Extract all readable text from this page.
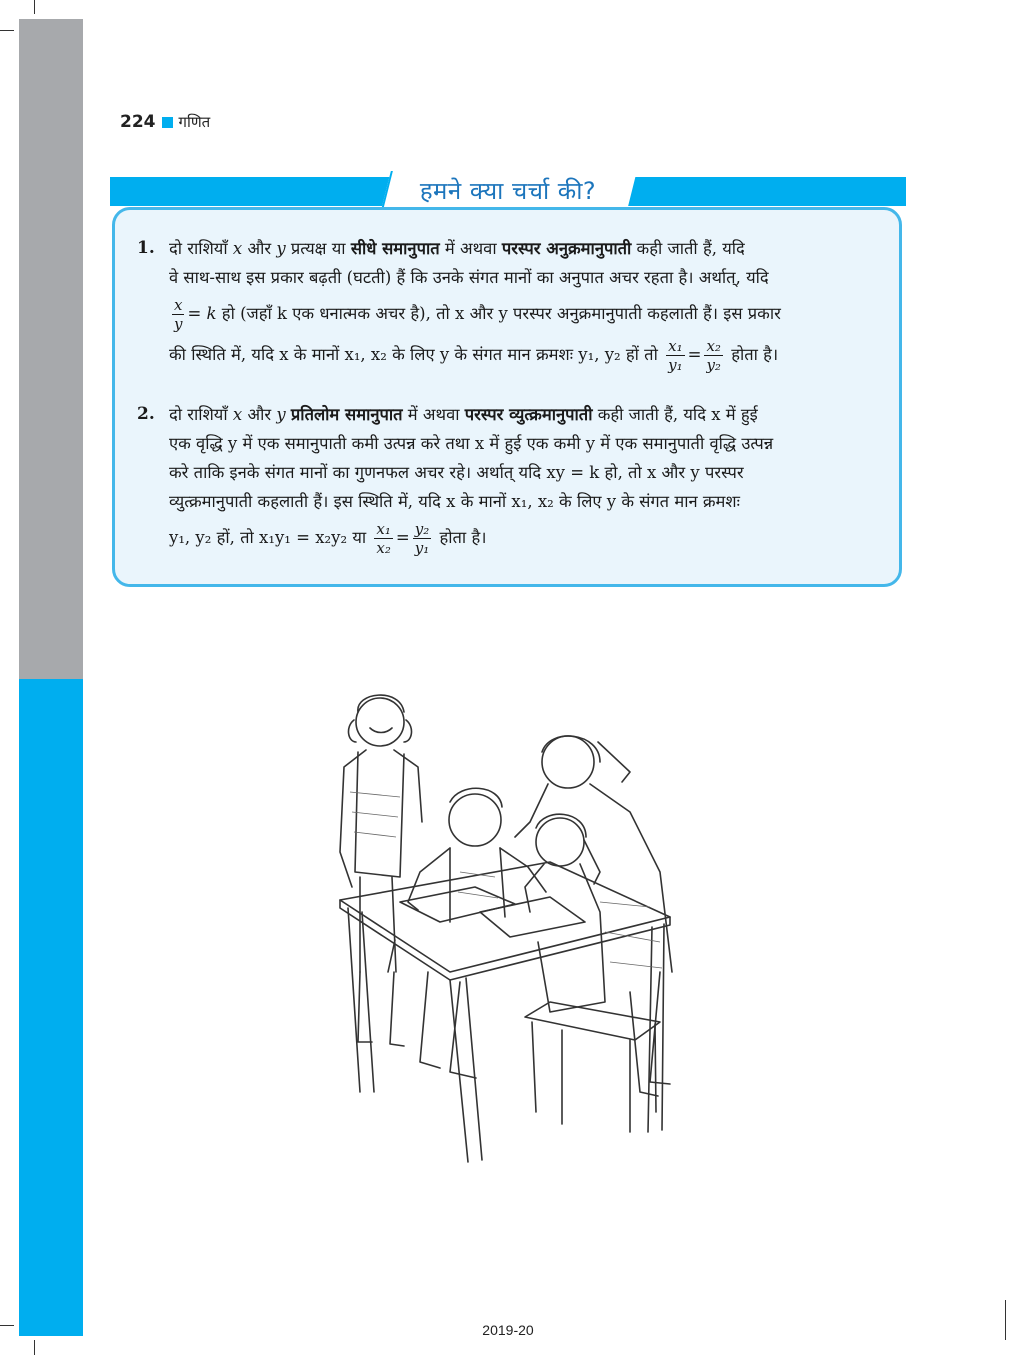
224 गणित
हमने क्या चर्चा की?
1. दो राशियाँ x और y प्रत्यक्ष या सीधे समानुपात में अथवा परस्पर अनुक्रमानुपाती कही जाती हैं, यदि
वे साथ-साथ इस प्रकार बढ़ती (घटती) हैं कि उनके संगत मानों का अनुपात अचर रहता है। अर्थात्, यदि
$\frac{x}{y} = k$ हो (जहाँ k एक धनात्मक अचर है), तो x और y परस्पर अनुक्रमानुपाती कहलाती हैं। इस प्रकार
की स्थिति में, यदि x के मानों x₁, x₂ के लिए y के संगत मान क्रमशः y₁, y₂ हों तो $\frac{\text{x₁}}{\text{y₁}} = \frac{\text{x₂}}{\text{y₂}}$ होता है।
2. दो राशियाँ x और y प्रतिलोम समानुपात में अथवा परस्पर व्युत्क्रमानुपाती कही जाती हैं, यदि x में हुई
एक वृद्धि y में एक समानुपाती कमी उत्पन्न करे तथा x में हुई एक कमी y में एक समानुपाती वृद्धि उत्पन्न
करे ताकि इनके संगत मानों का गुणनफल अचर रहे। अर्थात् यदि xy = k हो, तो x और y परस्पर
व्युत्क्रमानुपाती कहलाती हैं। इस स्थिति में, यदि x के मानों x₁, x₂ के लिए y के संगत मान क्रमशः
y₁, y₂ हों, तो x₁y₁ = x₂y₂ या $\frac{\text{x₁}}{\text{x₂}} = \frac{\text{y₂}}{\text{y₁}}$ होता है।
2019-20
